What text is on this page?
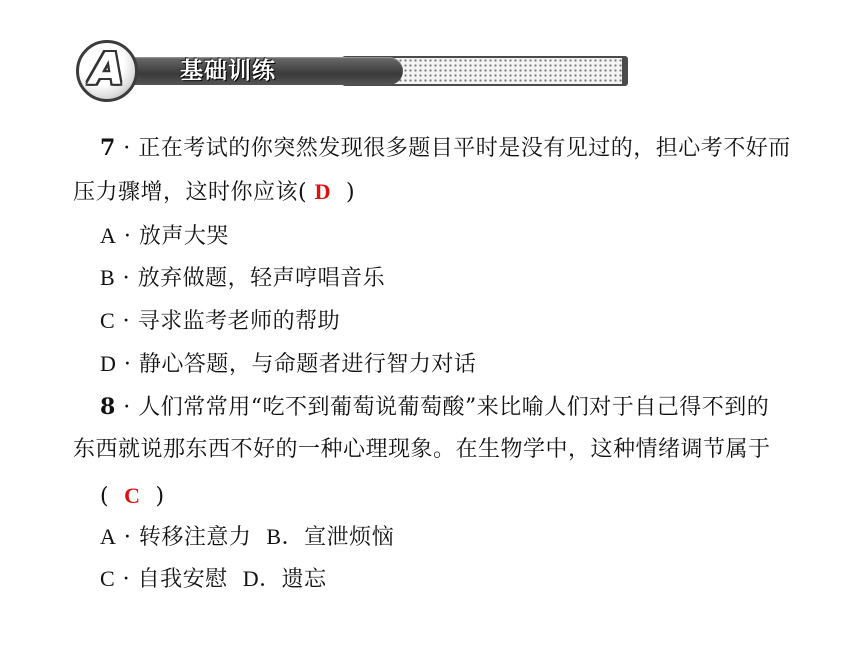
A	基础训练
7 · 正在考试的你突然发现很多题目平时是没有见过的，担心考不好而
压力骤增，这时你应该( D )
A · 放声大哭
B · 放弃做题，轻声哼唱音乐
C · 寻求监考老师的帮助
D · 静心答题，与命题者进行智力对话
8 · 人们常常用“吃不到葡萄说葡萄酸”来比喻人们对于自己得不到的
东西就说那东西不好的一种心理现象。在生物学中，这种情绪调节属于
( C )
A · 转移注意力 B．宣泄烦恼
C · 自我安慰 D．遗忘
